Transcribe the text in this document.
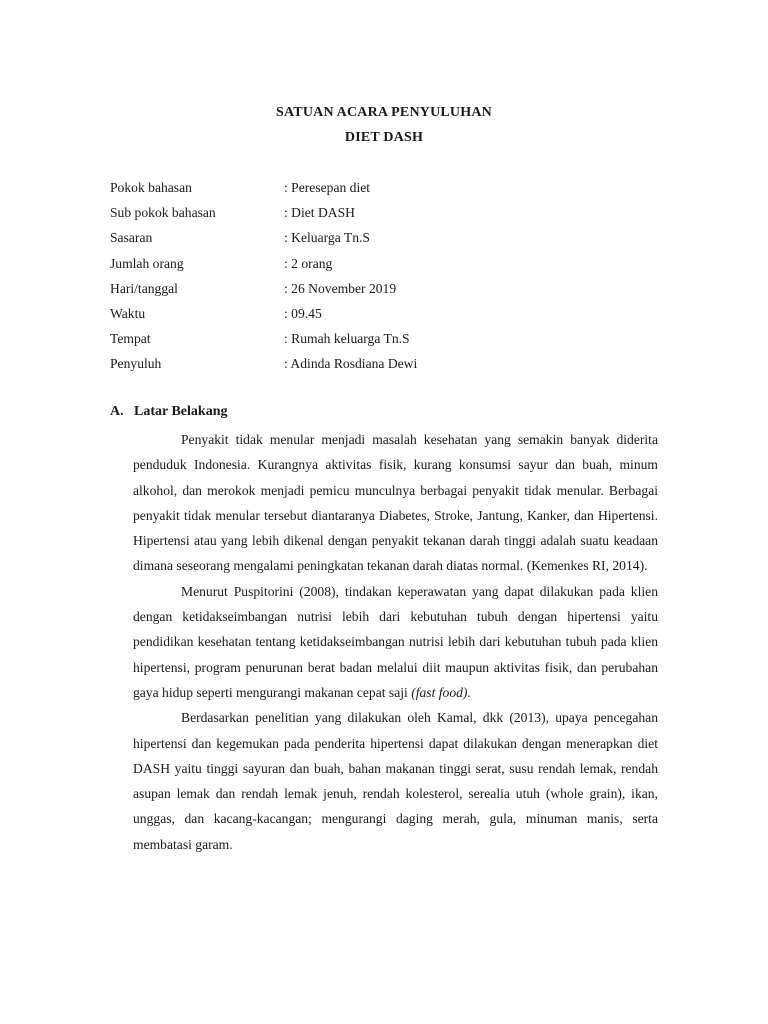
SATUAN ACARA PENYULUHAN
DIET DASH
Pokok bahasan	: Peresepan diet
Sub pokok bahasan	: Diet DASH
Sasaran	: Keluarga Tn.S
Jumlah orang	: 2 orang
Hari/tanggal	: 26 November 2019
Waktu	: 09.45
Tempat	: Rumah keluarga Tn.S
Penyuluh	: Adinda Rosdiana Dewi
A. Latar Belakang

Penyakit tidak menular menjadi masalah kesehatan yang semakin banyak diderita penduduk Indonesia. Kurangnya aktivitas fisik, kurang konsumsi sayur dan buah, minum alkohol, dan merokok menjadi pemicu munculnya berbagai penyakit tidak menular. Berbagai penyakit tidak menular tersebut diantaranya Diabetes, Stroke, Jantung, Kanker, dan Hipertensi. Hipertensi atau yang lebih dikenal dengan penyakit tekanan darah tinggi adalah suatu keadaan dimana seseorang mengalami peningkatan tekanan darah diatas normal. (Kemenkes RI, 2014).

Menurut Puspitorini (2008), tindakan keperawatan yang dapat dilakukan pada klien dengan ketidakseimbangan nutrisi lebih dari kebutuhan tubuh dengan hipertensi yaitu pendidikan kesehatan tentang ketidakseimbangan nutrisi lebih dari kebutuhan tubuh pada klien hipertensi, program penurunan berat badan melalui diit maupun aktivitas fisik, dan perubahan gaya hidup seperti mengurangi makanan cepat saji (fast food).

Berdasarkan penelitian yang dilakukan oleh Kamal, dkk (2013), upaya pencegahan hipertensi dan kegemukan pada penderita hipertensi dapat dilakukan dengan menerapkan diet DASH yaitu tinggi sayuran dan buah, bahan makanan tinggi serat, susu rendah lemak, rendah asupan lemak dan rendah lemak jenuh, rendah kolesterol, serealia utuh (whole grain), ikan, unggas, dan kacang-kacangan; mengurangi daging merah, gula, minuman manis, serta membatasi garam.
